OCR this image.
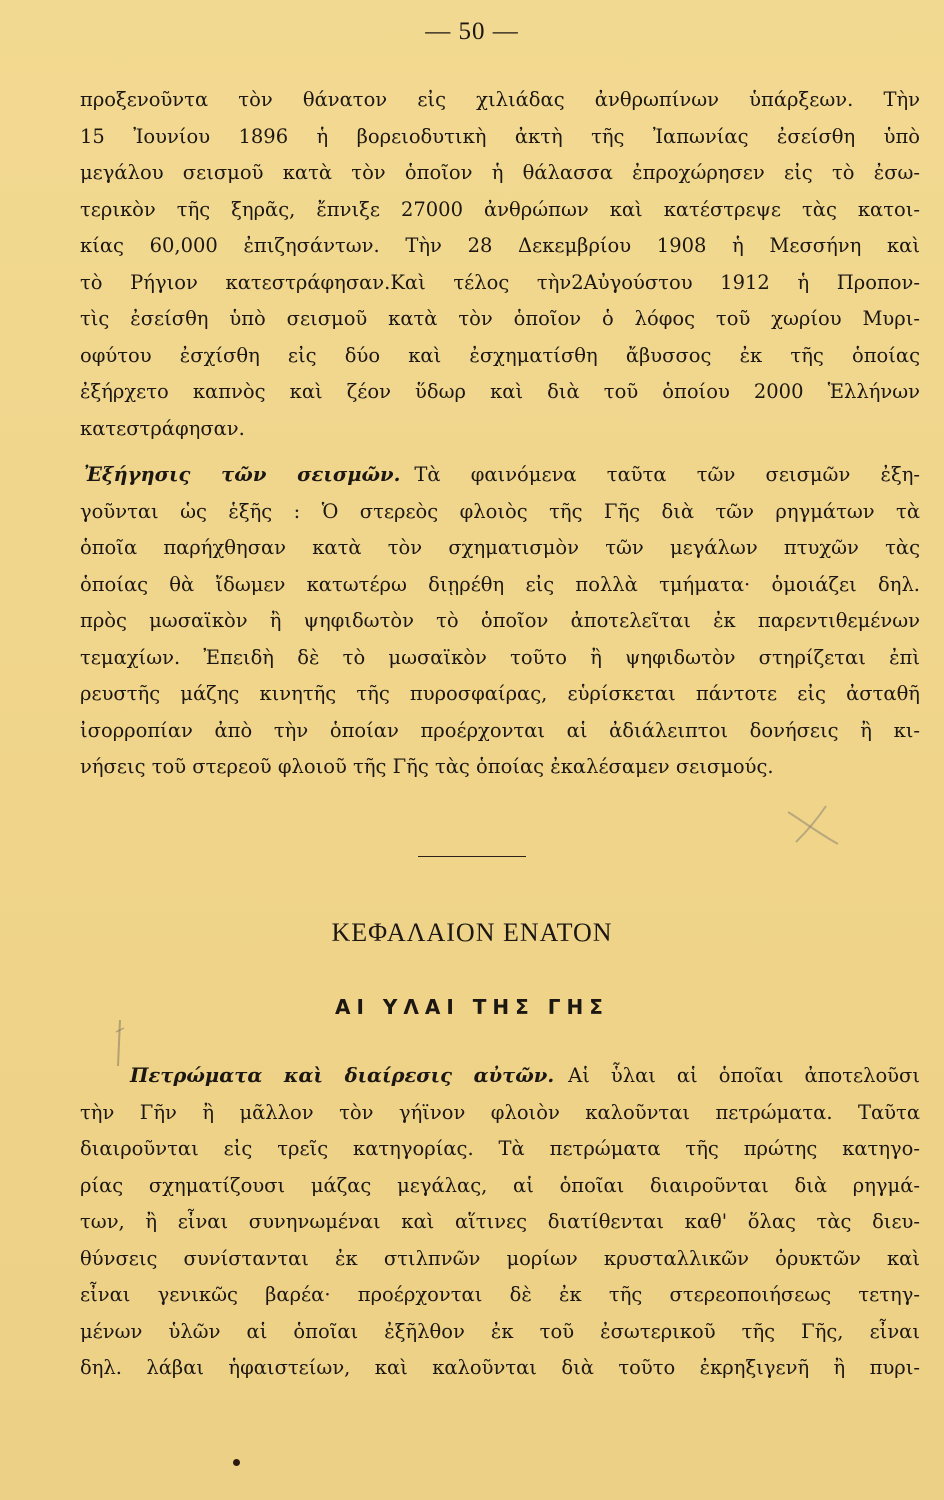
— 50 —
προξενοῦντα τὸν θάνατον εἰς χιλιάδας ἀνθρωπίνων ὑπάρξεων. Τὴν
15 Ἰουνίου 1896 ἡ βορειοδυτικὴ ἀκτὴ τῆς Ἰαπωνίας ἐσείσθη ὑπὸ
μεγάλου σεισμοῦ κατὰ τὸν ὁποῖον ἡ θάλασσα ἐπροχώρησεν εἰς τὸ ἐσω-
τερικὸν τῆς ξηρᾶς, ἔπνιξε 27000 ἀνθρώπων καὶ κατέστρεψε τὰς κατοι-
κίας 60,000 ἐπιζησάντων. Τὴν 28 Δεκεμβρίου 1908 ἡ Μεσσήνη καὶ
τὸ Ρήγιον κατεστράφησαν.Καὶ τέλος τὴν2Αὐγούστου 1912 ἡ Προπον-
τὶς ἐσείσθη ὑπὸ σεισμοῦ κατὰ τὸν ὁποῖον ὁ λόφος τοῦ χωρίου Μυρι-
οφύτου ἐσχίσθη εἰς δύο καὶ ἐσχηματίσθη ἄβυσσος ἐκ τῆς ὁποίας
ἐξήρχετο καπνὸς καὶ ζέον ὕδωρ καὶ διὰ τοῦ ὁποίου 2000 Ἑλλήνων
κατεστράφησαν.
Ἐξήγησις τῶν σεισμῶν. Τὰ φαινόμενα ταῦτα τῶν σεισμῶν ἐξη-
γοῦνται ὡς ἑξῆς : Ὁ στερεὸς φλοιὸς τῆς Γῆς διὰ τῶν ρηγμάτων τὰ
ὁποῖα παρήχθησαν κατὰ τὸν σχηματισμὸν τῶν μεγάλων πτυχῶν τὰς
ὁποίας θὰ ἴδωμεν κατωτέρω διῃρέθη εἰς πολλὰ τμήματα· ὁμοιάζει δηλ.
πρὸς μωσαϊκὸν ἢ ψηφιδωτὸν τὸ ὁποῖον ἀποτελεῖται ἐκ παρεντιθεμένων
τεμαχίων. Ἐπειδὴ δὲ τὸ μωσαϊκὸν τοῦτο ἢ ψηφιδωτὸν στηρίζεται ἐπὶ
ρευστῆς μάζης κινητῆς τῆς πυροσφαίρας, εὑρίσκεται πάντοτε εἰς ἀσταθῆ
ἰσορροπίαν ἀπὸ τὴν ὁποίαν προέρχονται αἱ ἀδιάλειπτοι δονήσεις ἢ κι-
νήσεις τοῦ στερεοῦ φλοιοῦ τῆς Γῆς τὰς ὁποίας ἐκαλέσαμεν σεισμούς.
ΚΕΦΑΛΑΙΟΝ ΕΝΑΤΟΝ
ΑΙ ΥΛΑΙ ΤΗΣ ΓΗΣ
Πετρώματα καὶ διαίρεσις αὐτῶν. Αἱ ὗλαι αἱ ὁποῖαι ἀποτελοῦσι
τὴν Γῆν ἢ μᾶλλον τὸν γήϊνον φλοιὸν καλοῦνται πετρώματα. Ταῦτα
διαιροῦνται εἰς τρεῖς κατηγορίας. Τὰ πετρώματα τῆς πρώτης κατηγο-
ρίας σχηματίζουσι μάζας μεγάλας, αἱ ὁποῖαι διαιροῦνται διὰ ρηγμά-
των, ἢ εἶναι συνηνωμέναι καὶ αἵτινες διατίθενται καθ' ὅλας τὰς διευ-
θύνσεις συνίστανται ἐκ στιλπνῶν μορίων κρυσταλλικῶν ὀρυκτῶν καὶ
εἶναι γενικῶς βαρέα· προέρχονται δὲ ἐκ τῆς στερεοποιήσεως τετηγ-
μένων ὑλῶν αἱ ὁποῖαι ἐξῆλθον ἐκ τοῦ ἐσωτερικοῦ τῆς Γῆς, εἶναι
δηλ. λάβαι ἡφαιστείων, καὶ καλοῦνται διὰ τοῦτο ἐκρηξιγενῆ ἢ πυρι-
